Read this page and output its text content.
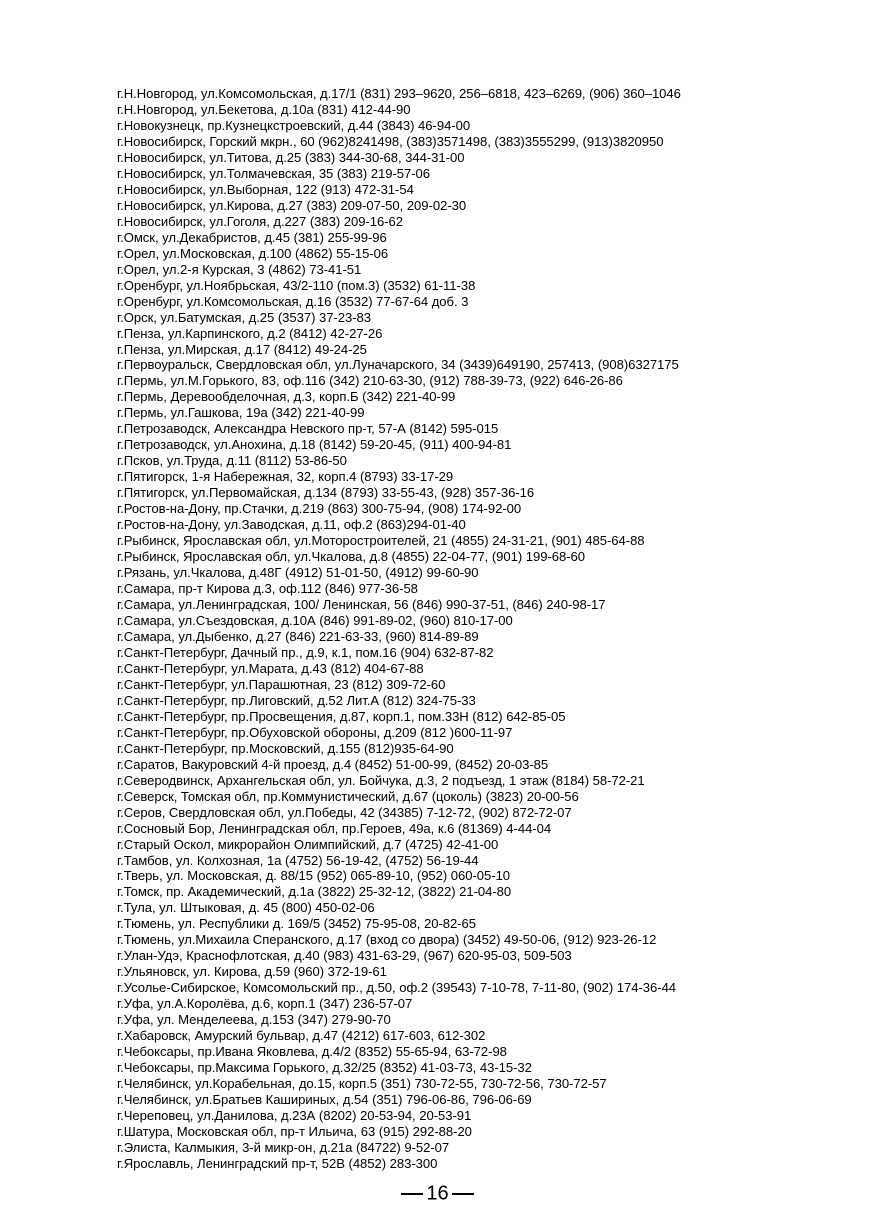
г.Н.Новгород, ул.Комсомольская, д.17/1 (831) 293–9620, 256–6818, 423–6269, (906) 360–1046
г.Н.Новгород, ул.Бекетова, д.10а (831) 412-44-90
г.Новокузнецк, пр.Кузнецкстроевский, д.44 (3843) 46-94-00
г.Новосибирск, Горский мкрн., 60 (962)8241498, (383)3571498, (383)3555299, (913)3820950
г.Новосибирск, ул.Титова, д.25 (383) 344-30-68, 344-31-00
г.Новосибирск, ул.Толмачевская, 35 (383) 219-57-06
г.Новосибирск, ул.Выборная, 122 (913) 472-31-54
г.Новосибирск, ул.Кирова, д.27 (383) 209-07-50, 209-02-30
г.Новосибирск, ул.Гоголя, д.227 (383) 209-16-62
г.Омск, ул.Декабристов, д.45 (381) 255-99-96
г.Орел, ул.Московская, д.100 (4862) 55-15-06
г.Орел, ул.2-я Курская, 3 (4862) 73-41-51
г.Оренбург, ул.Ноябрьская, 43/2-110 (пом.3) (3532) 61-11-38
г.Оренбург, ул.Комсомольская, д.16 (3532) 77-67-64 доб. 3
г.Орск, ул.Батумская, д.25 (3537) 37-23-83
г.Пенза, ул.Карпинского, д.2 (8412) 42-27-26
г.Пенза, ул.Мирская, д.17 (8412) 49-24-25
г.Первоуральск, Свердловская обл, ул.Луначарского, 34 (3439)649190, 257413, (908)6327175
г.Пермь, ул.М.Горького, 83, оф.116 (342) 210-63-30, (912) 788-39-73, (922) 646-26-86
г.Пермь, Деревообделочная, д.3, корп.Б (342) 221-40-99
г.Пермь, ул.Гашкова, 19а (342) 221-40-99
г.Петрозаводск, Александра Невского пр-т, 57-А (8142) 595-015
г.Петрозаводск, ул.Анохина, д.18 (8142) 59-20-45, (911) 400-94-81
г.Псков, ул.Труда, д.11 (8112) 53-86-50
г.Пятигорск, 1-я Набережная, 32, корп.4 (8793) 33-17-29
г.Пятигорск, ул.Первомайская, д.134 (8793) 33-55-43, (928) 357-36-16
г.Ростов-на-Дону, пр.Стачки, д.219 (863) 300-75-94, (908) 174-92-00
г.Ростов-на-Дону, ул.Заводская, д.11, оф.2 (863)294-01-40
г.Рыбинск, Ярославская обл, ул.Моторостроителей, 21 (4855) 24-31-21, (901) 485-64-88
г.Рыбинск, Ярославская обл, ул.Чкалова, д.8 (4855) 22-04-77, (901) 199-68-60
г.Рязань, ул.Чкалова, д.48Г (4912) 51-01-50, (4912) 99-60-90
г.Самара, пр-т Кирова д.3, оф.112 (846) 977-36-58
г.Самара, ул.Ленинградская, 100/ Ленинская, 56 (846) 990-37-51, (846) 240-98-17
г.Самара, ул.Съездовская, д.10А (846) 991-89-02, (960) 810-17-00
г.Самара, ул.Дыбенко, д.27 (846) 221-63-33, (960) 814-89-89
г.Санкт-Петербург, Дачный пр., д.9, к.1, пом.16 (904) 632-87-82
г.Санкт-Петербург, ул.Марата, д.43 (812) 404-67-88
г.Санкт-Петербург, ул.Парашютная, 23 (812) 309-72-60
г.Санкт-Петербург, пр.Лиговский, д.52 Лит.А (812) 324-75-33
г.Санкт-Петербург, пр.Просвещения, д.87, корп.1, пом.33Н (812) 642-85-05
г.Санкт-Петербург, пр.Обуховской обороны, д.209 (812 )600-11-97
г.Санкт-Петербург, пр.Московский, д.155 (812)935-64-90
г.Саратов, Вакуровский 4-й проезд, д.4 (8452) 51-00-99, (8452) 20-03-85
г.Северодвинск, Архангельская обл, ул. Бойчука, д.3, 2 подъезд, 1 этаж (8184) 58-72-21
г.Северск, Томская обл, пр.Коммунистический, д.67 (цоколь) (3823) 20-00-56
г.Серов, Свердловская обл, ул.Победы, 42 (34385) 7-12-72, (902) 872-72-07
г.Сосновый Бор, Ленинградская обл, пр.Героев, 49а, к.6 (81369) 4-44-04
г.Старый Оскол, микрорайон Олимпийский, д.7 (4725) 42-41-00
г.Тамбов, ул. Колхозная, 1а (4752) 56-19-42, (4752) 56-19-44
г.Тверь, ул. Московская, д. 88/15 (952) 065-89-10, (952) 060-05-10
г.Томск, пр. Академический, д.1а (3822) 25-32-12, (3822) 21-04-80
г.Тула, ул. Штыковая, д. 45 (800) 450-02-06
г.Тюмень, ул. Республики д. 169/5 (3452) 75-95-08, 20-82-65
г.Тюмень, ул.Михаила Сперанского, д.17 (вход со двора) (3452) 49-50-06, (912) 923-26-12
г.Улан-Удэ, Краснофлотская, д.40 (983) 431-63-29, (967) 620-95-03, 509-503
г.Ульяновск, ул. Кирова, д.59 (960) 372-19-61
г.Усолье-Сибирское, Комсомольский пр., д.50, оф.2 (39543) 7-10-78, 7-11-80, (902) 174-36-44
г.Уфа, ул.А.Королёва, д.6, корп.1 (347) 236-57-07
г.Уфа, ул. Менделеева, д.153 (347) 279-90-70
г.Хабаровск, Амурский бульвар, д.47 (4212) 617-603, 612-302
г.Чебоксары, пр.Ивана Яковлева, д.4/2 (8352) 55-65-94, 63-72-98
г.Чебоксары, пр.Максима Горького, д.32/25 (8352) 41-03-73, 43-15-32
г.Челябинск, ул.Корабельная, до.15, корп.5 (351) 730-72-55, 730-72-56, 730-72-57
г.Челябинск, ул.Братьев Кашириных, д.54 (351) 796-06-86, 796-06-69
г.Череповец, ул.Данилова, д.23А (8202) 20-53-94, 20-53-91
г.Шатура, Московская обл, пр-т Ильича, 63 (915) 292-88-20
г.Элиста, Калмыкия, 3-й микр-он, д.21а (84722) 9-52-07
г.Ярославль, Ленинградский пр-т, 52В (4852) 283-300
16
